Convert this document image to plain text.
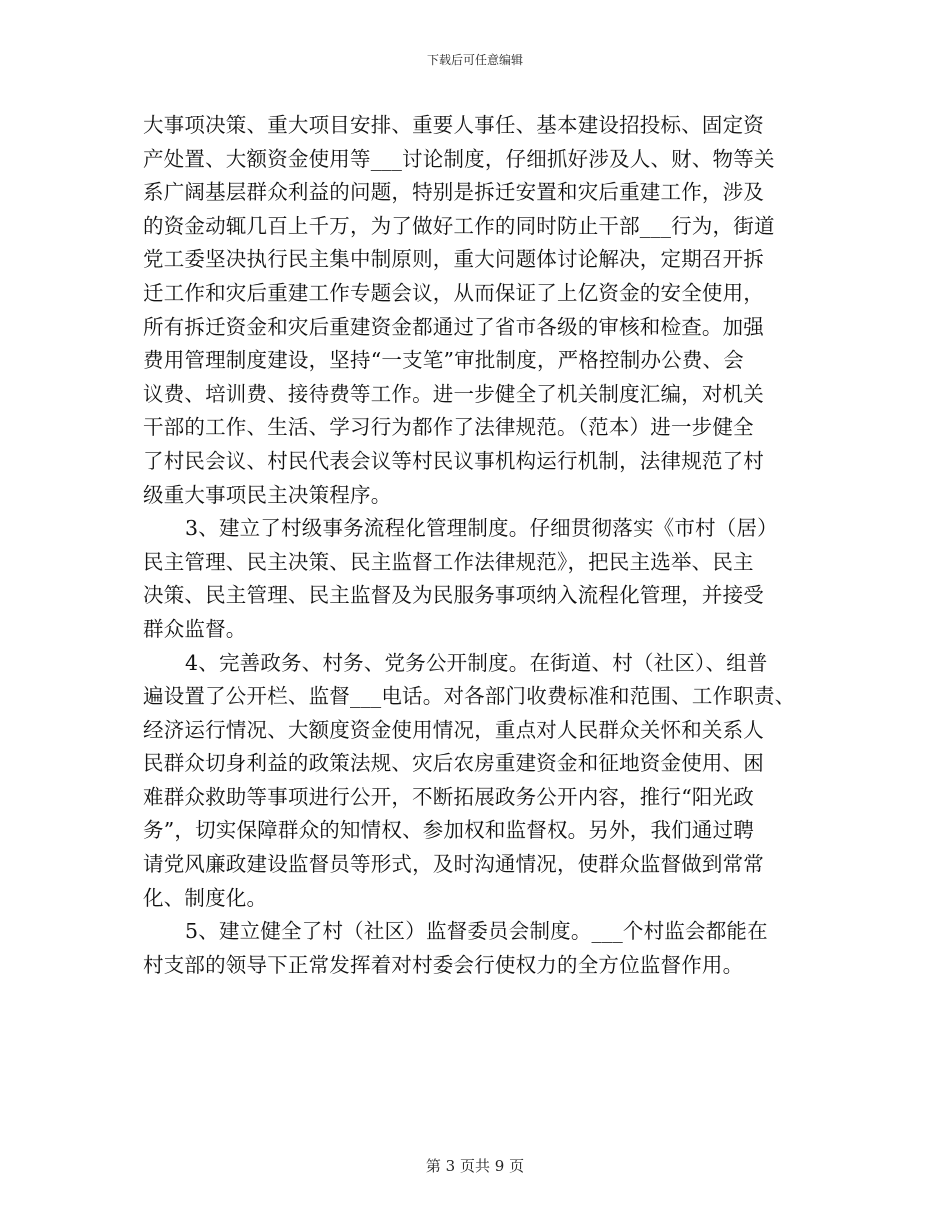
下载后可任意编辑
大事项决策、重大项目安排、重要人事任、基本建设招投标、固定资
产处置、大额资金使用等___讨论制度，仔细抓好涉及人、财、物等关
系广阔基层群众利益的问题，特别是拆迁安置和灾后重建工作，涉及
的资金动辄几百上千万，为了做好工作的同时防止干部___行为，街道
党工委坚决执行民主集中制原则，重大问题体讨论解决，定期召开拆
迁工作和灾后重建工作专题会议，从而保证了上亿资金的安全使用，
所有拆迁资金和灾后重建资金都通过了省市各级的审核和检查。加强
费用管理制度建设，坚持“一支笔”审批制度，严格控制办公费、会
议费、培训费、接待费等工作。进一步健全了机关制度汇编，对机关
干部的工作、生活、学习行为都作了法律规范。（范本）进一步健全
了村民会议、村民代表会议等村民议事机构运行机制，法律规范了村
级重大事项民主决策程序。
3、建立了村级事务流程化管理制度。仔细贯彻落实《市村（居）
民主管理、民主决策、民主监督工作法律规范》，把民主选举、民主
决策、民主管理、民主监督及为民服务事项纳入流程化管理，并接受
群众监督。
4、完善政务、村务、党务公开制度。在街道、村（社区）、组普
遍设置了公开栏、监督___电话。对各部门收费标准和范围、工作职责、
经济运行情况、大额度资金使用情况，重点对人民群众关怀和关系人
民群众切身利益的政策法规、灾后农房重建资金和征地资金使用、困
难群众救助等事项进行公开，不断拓展政务公开内容，推行“阳光政
务”，切实保障群众的知情权、参加权和监督权。另外，我们通过聘
请党风廉政建设监督员等形式，及时沟通情况，使群众监督做到常常
化、制度化。
5、建立健全了村（社区）监督委员会制度。___个村监会都能在
村支部的领导下正常发挥着对村委会行使权力的全方位监督作用。
第 3 页共 9 页
